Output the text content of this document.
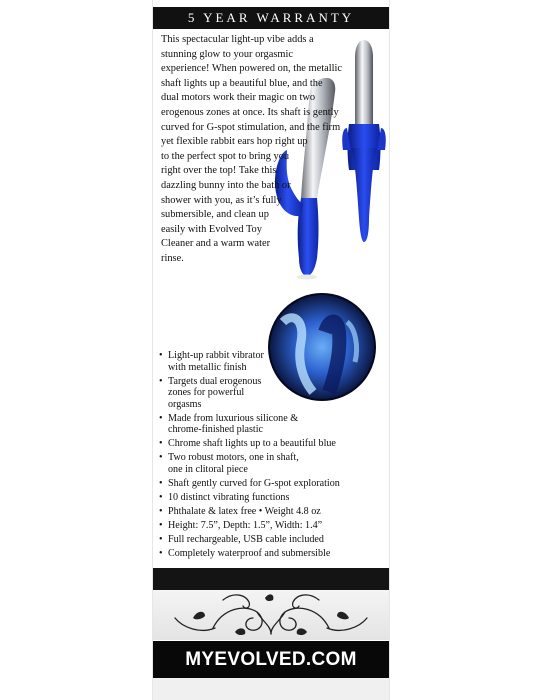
5 YEAR WARRANTY

This spectacular light-up vibe adds a stunning glow to your orgasmic experience! When powered on, the metallic shaft lights up a beautiful blue, and the dual motors work their magic on two erogenous zones at once. Its shaft is gently curved for G-spot stimulation, and the firm yet flexible rabbit ears hop right up to the perfect spot to bring you right over the top! Take this dazzling bunny into the bath or shower with you, as it’s fully submersible, and clean up easily with Evolved Toy Cleaner and a warm water rinse.

• Light-up rabbit vibrator with metallic finish
• Targets dual erogenous zones for powerful orgasms
• Made from luxurious silicone & chrome-finished plastic
• Chrome shaft lights up to a beautiful blue
• Two robust motors, one in shaft, one in clitoral piece
• Shaft gently curved for G-spot exploration
• 10 distinct vibrating functions
• Phthalate & latex free • Weight 4.8 oz
• Height: 7.5”, Depth: 1.5”, Width: 1.4”
• Full rechargeable, USB cable included
• Completely waterproof and submersible
MYEVOLVED.COM
